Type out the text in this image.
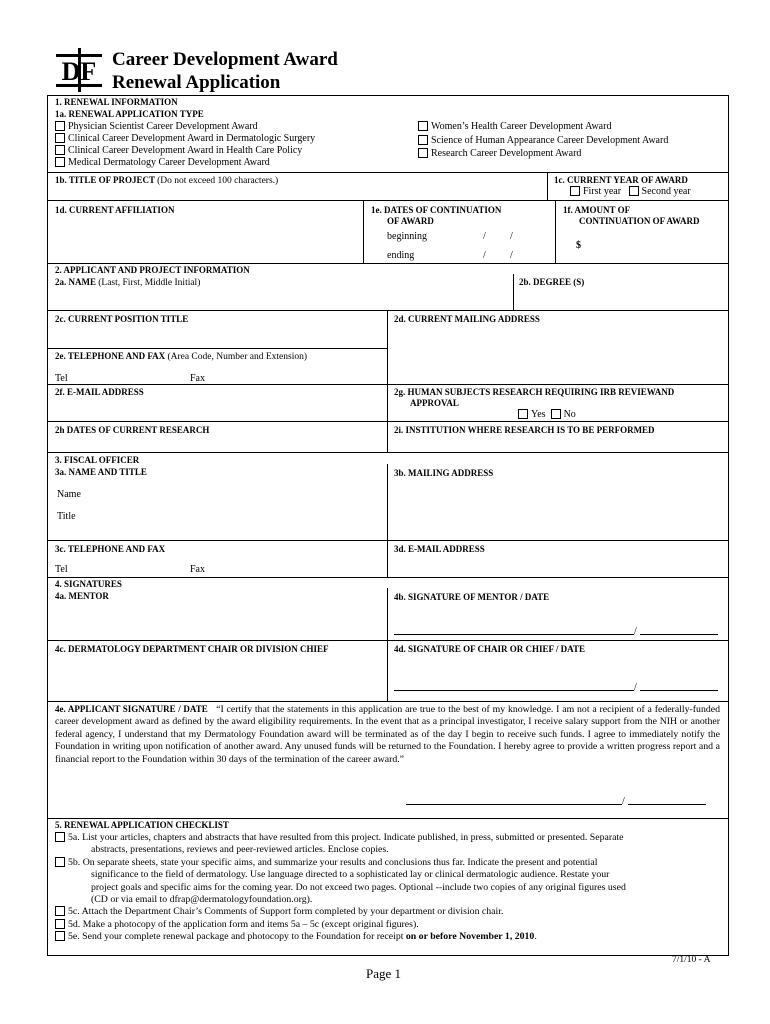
DF Career Development Award
Renewal Application
1. RENEWAL INFORMATION
1a. RENEWAL APPLICATION TYPE
Physician Scientist Career Development Award
Clinical Career Development Award in Dermatologic Surgery
Clinical Career Development Award in Health Care Policy
Medical Dermatology Career Development Award
Women’s Health Career Development Award
Science of Human Appearance Career Development Award
Research Career Development Award
1b. TITLE OF PROJECT (Do not exceed 100 characters.)	1c. CURRENT YEAR OF AWARD
First year Second year
1d. CURRENT AFFILIATION	1e. DATES OF CONTINUATION
OF AWARD
beginning	/ /
ending	/ /
1f. AMOUNT OF
CONTINUATION OF AWARD
$
2. APPLICANT AND PROJECT INFORMATION
2a. NAME (Last, First, Middle Initial)	2b. DEGREE (S)
2c. CURRENT POSITION TITLE	2d. CURRENT MAILING ADDRESS
2e. TELEPHONE AND FAX (Area Code, Number and Extension)
Tel	Fax
2f. E-MAIL ADDRESS	2g. HUMAN SUBJECTS RESEARCH REQUIRING IRB REVIEWAND
APPROVAL
Yes No
2h DATES OF CURRENT RESEARCH	2i. INSTITUTION WHERE RESEARCH IS TO BE PERFORMED
3. FISCAL OFFICER
3a. NAME AND TITLE	3b. MAILING ADDRESS
Name
Title
3c. TELEPHONE AND FAX	3d. E-MAIL ADDRESS
Tel	Fax
4. SIGNATURES
4a. MENTOR	4b. SIGNATURE OF MENTOR / DATE
/
4c. DERMATOLOGY DEPARTMENT CHAIR OR DIVISION CHIEF	4d. SIGNATURE OF CHAIR OR CHIEF / DATE
/
4e. APPLICANT SIGNATURE / DATE “I certify that the statements in this application are true to the best of my knowledge. I am not a recipient of a federally-funded career development award as defined by the award eligibility requirements. In the event that as a principal investigator, I receive salary support from the NIH or another federal agency, I understand that my Dermatology Foundation award will be terminated as of the day I begin to receive such funds. I agree to immediately notify the Foundation in writing upon notification of another award. Any unused funds will be returned to the Foundation. I hereby agree to provide a written progress report and a financial report to the Foundation within 30 days of the termination of the career award.”
/
5. RENEWAL APPLICATION CHECKLIST
5a. List your articles, chapters and abstracts that have resulted from this project. Indicate published, in press, submitted or presented. Separate
abstracts, presentations, reviews and peer-reviewed articles. Enclose copies.
5b. On separate sheets, state your specific aims, and summarize your results and conclusions thus far. Indicate the present and potential
significance to the field of dermatology. Use language directed to a sophisticated lay or clinical dermatologic audience. Restate your
project goals and specific aims for the coming year. Do not exceed two pages. Optional --include two copies of any original figures used
(CD or via email to dfrap@dermatologyfoundation.org).
5c. Attach the Department Chair’s Comments of Support form completed by your department or division chair.
5d. Make a photocopy of the application form and items 5a – 5c (except original figures).
5e. Send your complete renewal package and photocopy to the Foundation for receipt on or before November 1, 2010.
7/1/10 - A
Page 1
